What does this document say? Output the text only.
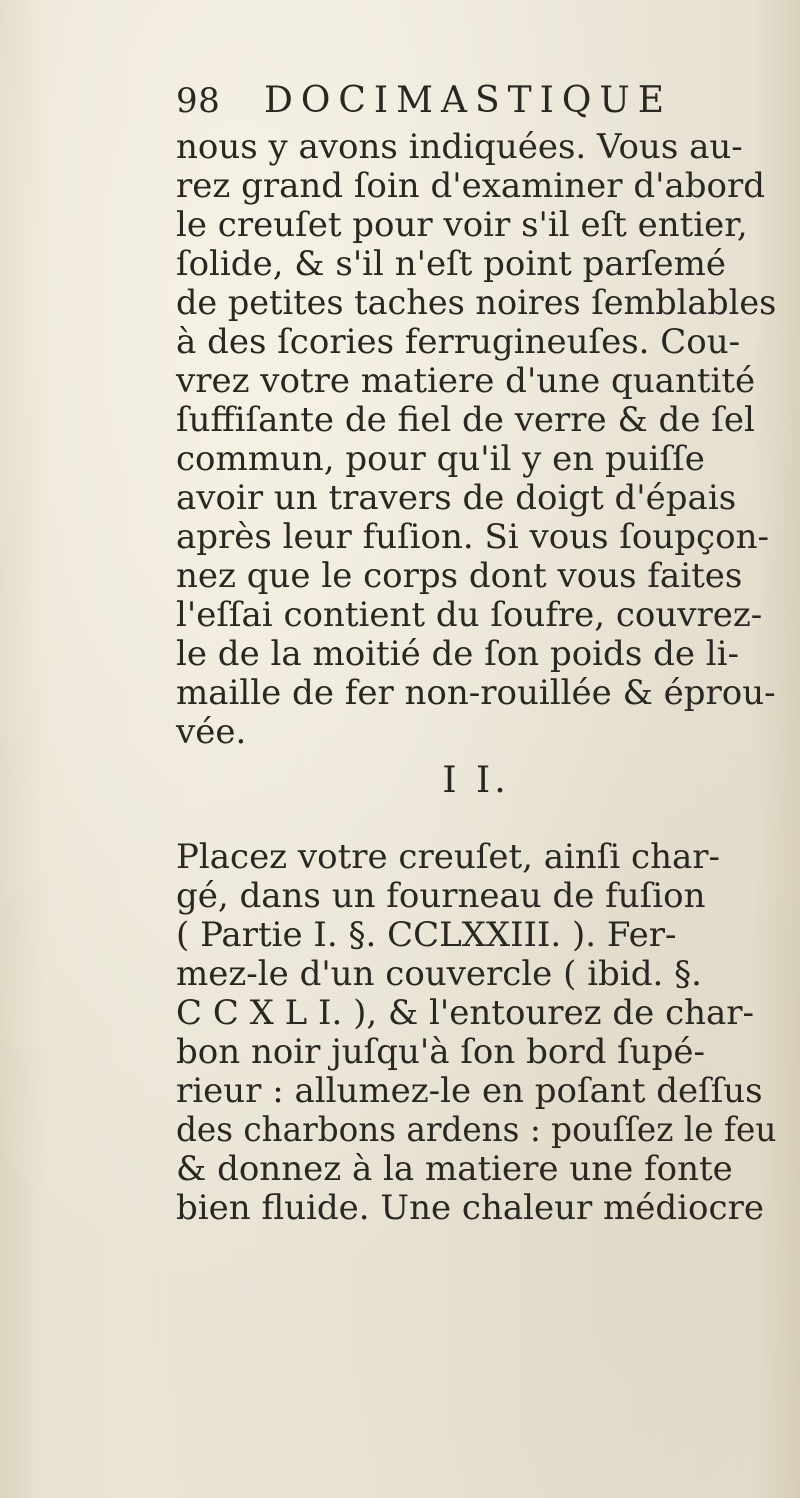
98 DOCIMASTIQUE
nous y avons indiquées. Vous au-
rez grand ſoin d'examiner d'abord
le creuſet pour voir s'il eſt entier,
ſolide, & s'il n'eſt point parſemé
de petites taches noires ſemblables
à des ſcories ferrugineuſes. Cou-
vrez votre matiere d'une quantité
ſuffiſante de fiel de verre & de ſel
commun, pour qu'il y en puiſſe
avoir un travers de doigt d'épais
après leur fuſion. Si vous ſoupçon-
nez que le corps dont vous faites
l'eſſai contient du ſoufre, couvrez-
le de la moitié de ſon poids de li-
maille de fer non-rouillée & éprou-
vée.
I I.
Placez votre creuſet, ainſi char-
gé, dans un fourneau de fuſion
( Partie I. §. CCLXXIII. ). Fer-
mez-le d'un couvercle ( ibid. §.
C C X L I. ), & l'entourez de char-
bon noir juſqu'à ſon bord ſupé-
rieur : allumez-le en poſant deſſus
des charbons ardens : pouſſez le feu
& donnez à la matiere une fonte
bien fluide. Une chaleur médiocre
